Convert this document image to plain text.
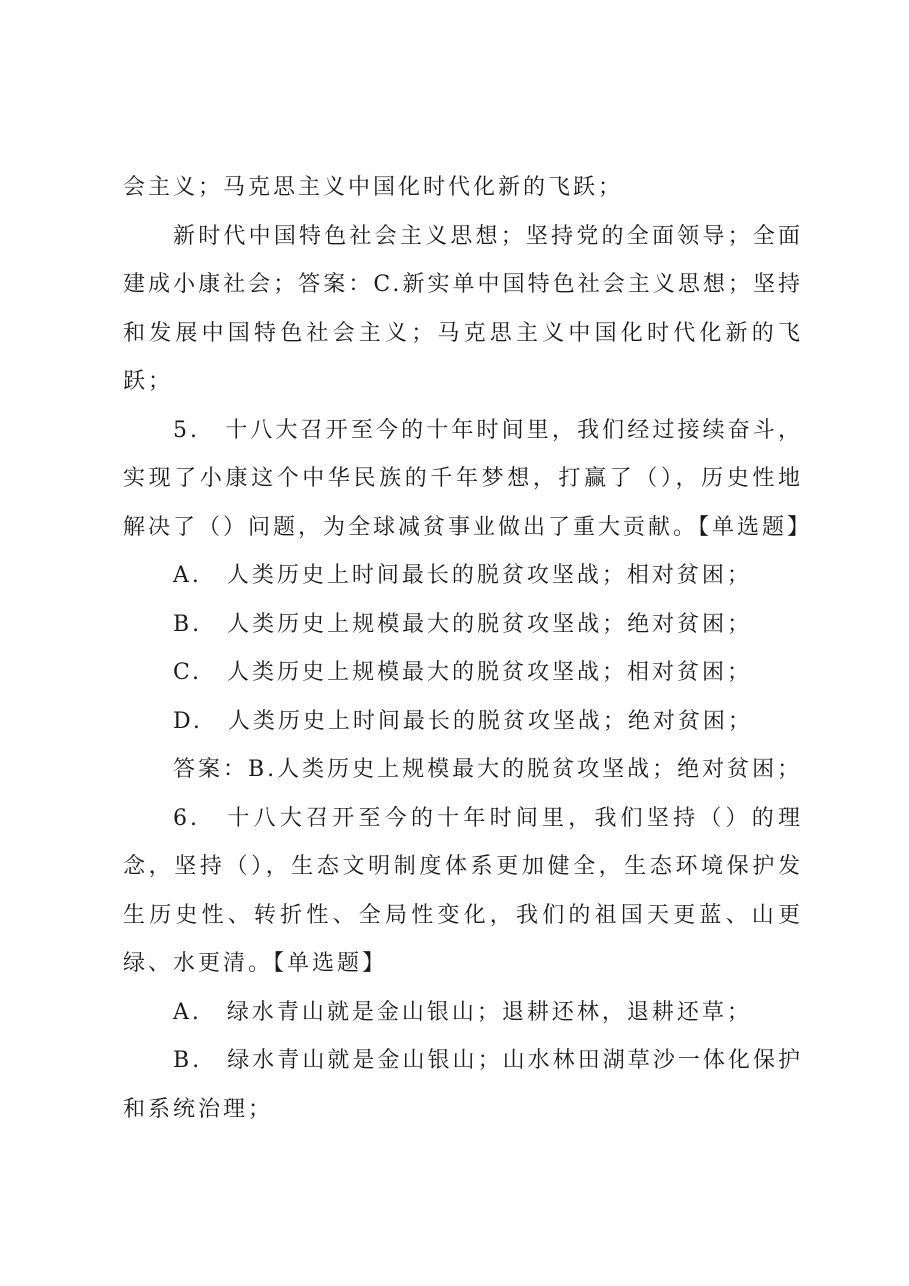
会主义；马克思主义中国化时代化新的飞跃；

新时代中国特色社会主义思想；坚持党的全面领导；全面建成小康社会；答案：C.新实单中国特色社会主义思想；坚持和发展中国特色社会主义；马克思主义中国化时代化新的飞跃；

5.　十八大召开至今的十年时间里，我们经过接续奋斗，实现了小康这个中华民族的千年梦想，打赢了（），历史性地解决了（）问题，为全球减贫事业做出了重大贡献。【单选题】

A.　人类历史上时间最长的脱贫攻坚战；相对贫困；

B.　人类历史上规模最大的脱贫攻坚战；绝对贫困；

C.　人类历史上规模最大的脱贫攻坚战；相对贫困；

D.　人类历史上时间最长的脱贫攻坚战；绝对贫困；

答案：B.人类历史上规模最大的脱贫攻坚战；绝对贫困；

6.　十八大召开至今的十年时间里，我们坚持（）的理念，坚持（），生态文明制度体系更加健全，生态环境保护发生历史性、转折性、全局性变化，我们的祖国天更蓝、山更绿、水更清。【单选题】

A.　绿水青山就是金山银山；退耕还林，退耕还草；

B.　绿水青山就是金山银山；山水林田湖草沙一体化保护和系统治理；
